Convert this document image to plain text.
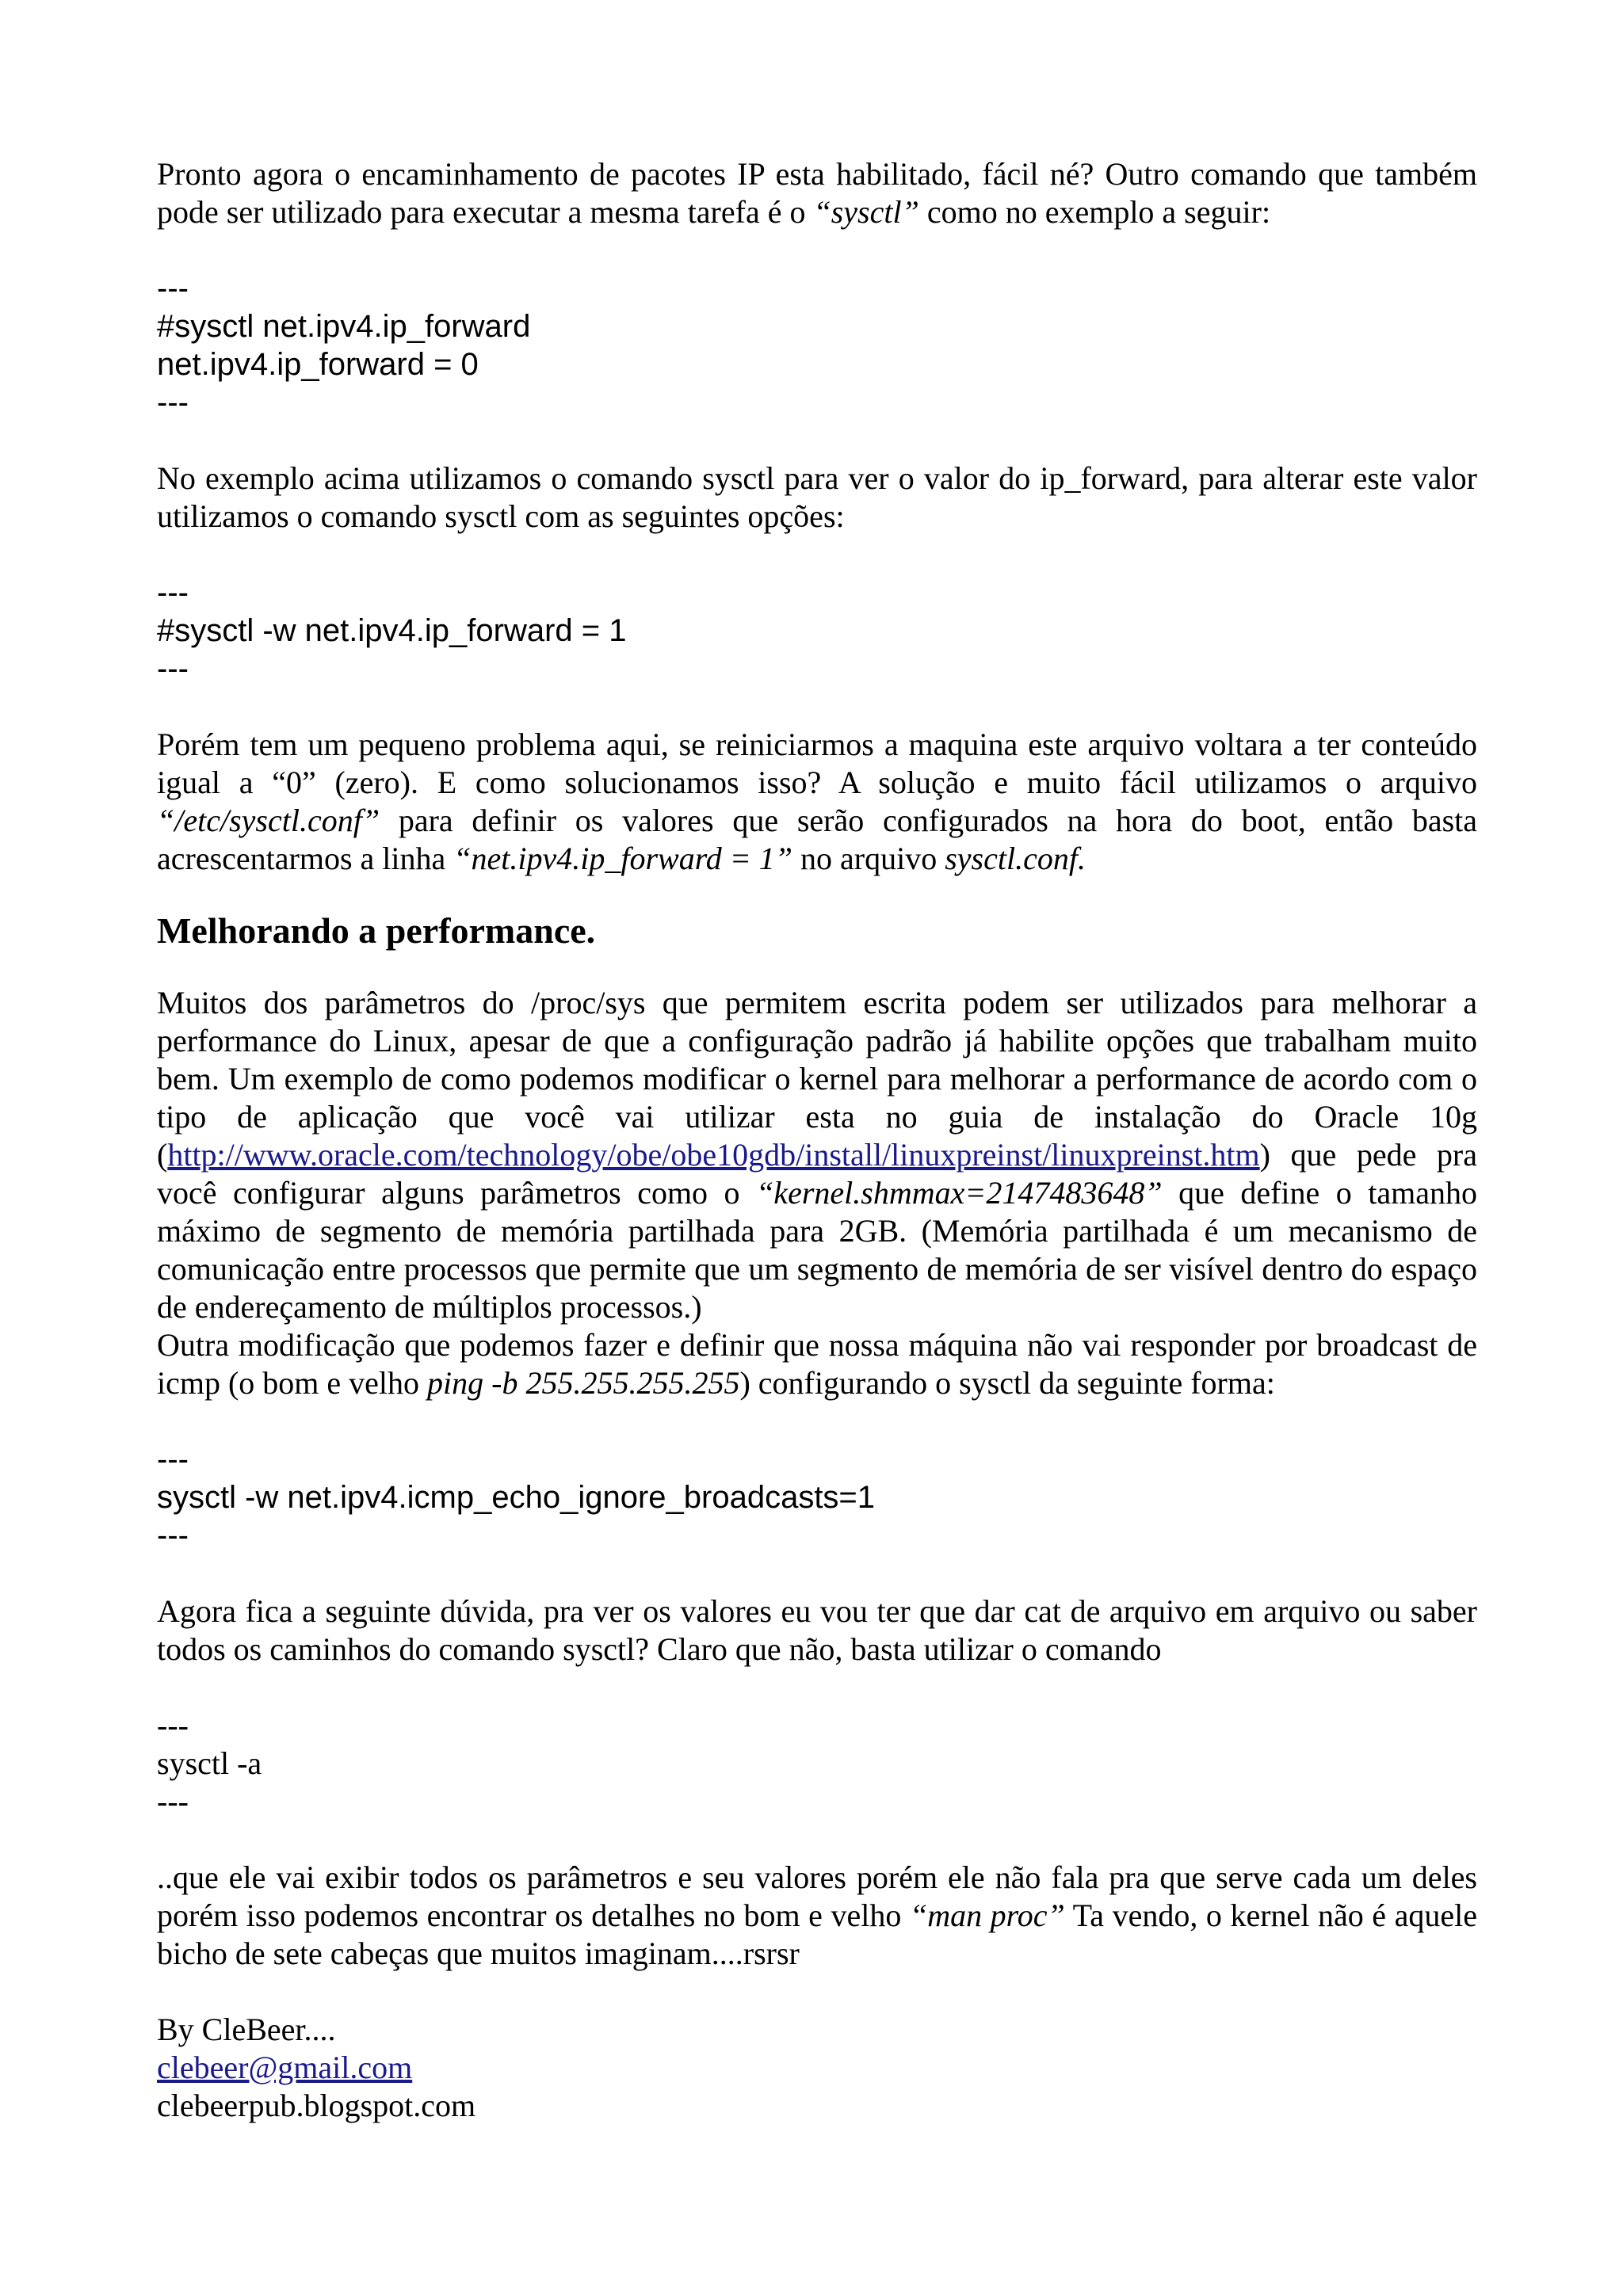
Pronto agora o encaminhamento de pacotes IP esta habilitado, fácil né? Outro comando que também pode ser utilizado para executar a mesma tarefa é o “sysctl” como no exemplo a seguir:

---

#sysctl net.ipv4.ip_forward

net.ipv4.ip_forward = 0

---

No exemplo acima utilizamos o comando sysctl para ver o valor do ip_forward, para alterar este valor utilizamos o comando sysctl com as seguintes opções:

---

#sysctl -w net.ipv4.ip_forward = 1

---

Porém tem um pequeno problema aqui, se reiniciarmos a maquina este arquivo voltara a ter conteúdo igual a “0” (zero). E como solucionamos isso? A solução e muito fácil utilizamos o arquivo “/etc/sysctl.conf” para definir os valores que serão configurados na hora do boot, então basta acrescentarmos a linha “net.ipv4.ip_forward = 1” no arquivo sysctl.conf.

Melhorando a performance.

Muitos dos parâmetros do /proc/sys que permitem escrita podem ser utilizados para melhorar a performance do Linux, apesar de que a configuração padrão já habilite opções que trabalham muito bem. Um exemplo de como podemos modificar o kernel para melhorar a performance de acordo com o tipo de aplicação que você vai utilizar esta no guia de instalação do Oracle 10g (http://www.oracle.com/technology/obe/obe10gdb/install/linuxpreinst/linuxpreinst.htm) que pede pra você configurar alguns parâmetros como o “kernel.shmmax=2147483648” que define o tamanho máximo de segmento de memória partilhada para 2GB. (Memória partilhada é um mecanismo de comunicação entre processos que permite que um segmento de memória de ser visível dentro do espaço de endereçamento de múltiplos processos.)

Outra modificação que podemos fazer e definir que nossa máquina não vai responder por broadcast de icmp (o bom e velho ping -b 255.255.255.255) configurando o sysctl da seguinte forma:

---

sysctl -w net.ipv4.icmp_echo_ignore_broadcasts=1

---

Agora fica a seguinte dúvida, pra ver os valores eu vou ter que dar cat de arquivo em arquivo ou saber todos os caminhos do comando sysctl? Claro que não, basta utilizar o comando

---

sysctl -a

---

..que ele vai exibir todos os parâmetros e seu valores porém ele não fala pra que serve cada um deles porém isso podemos encontrar os detalhes no bom e velho “man proc” Ta vendo, o kernel não é aquele bicho de sete cabeças que muitos imaginam....rsrsr

By CleBeer....

clebeer@gmail.com

clebeerpub.blogspot.com
